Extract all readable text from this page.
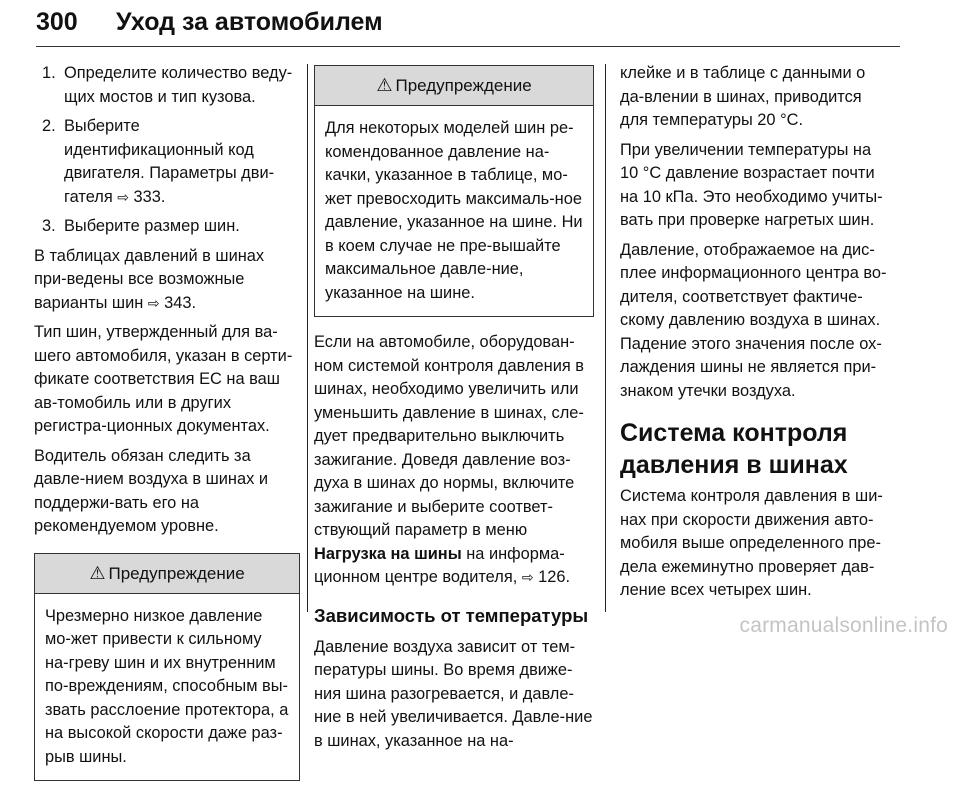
300 Уход за автомобилем
1. Определите количество веду-щих мостов и тип кузова.
2. Выберите идентификационный код двигателя. Параметры дви-гателя ⇨ 333.
3. Выберите размер шин.

В таблицах давлений в шинах при-ведены все возможные варианты шин ⇨ 343.

Тип шин, утвержденный для ва-шего автомобиля, указан в серти-фикате соответствия ЕС на ваш ав-томобиль или в других регистра-ционных документах.

Водитель обязан следить за давле-нием воздуха в шинах и поддержи-вать его на рекомендуемом уровне.

⚠ Предупреждение
Чрезмерно низкое давление мо-жет привести к сильному на-греву шин и их внутренним по-вреждениям, способным вы-звать расслоение протектора, а на высокой скорости даже раз-рыв шины.
⚠ Предупреждение
Для некоторых моделей шин ре-комендованное давление на-качки, указанное в таблице, мо-жет превосходить максималь-ное давление, указанное на шине. Ни в коем случае не пре-вышайте максимальное давле-ние, указанное на шине.

Если на автомобиле, оборудован-ном системой контроля давления в шинах, необходимо увеличить или уменьшить давление в шинах, сле-дует предварительно выключить зажигание. Доведя давление воз-духа в шинах до нормы, включите зажигание и выберите соответ-ствующий параметр в меню Нагрузка на шины на информа-ционном центре водителя, ⇨ 126.

Зависимость от температуры

Давление воздуха зависит от тем-пературы шины. Во время движе-ния шина разогревается, и давле-ние в ней увеличивается. Давле-ние в шинах, указанное на на-

клейке и в таблице с данными о да-влении в шинах, приводится для температуры 20 °C.

При увеличении температуры на 10 °C давление возрастает почти на 10 кПа. Это необходимо учиты-вать при проверке нагретых шин.

Давление, отображаемое на дис-плее информационного центра во-дителя, соответствует фактиче-скому давлению воздуха в шинах. Падение этого значения после ох-лаждения шины не является при-знаком утечки воздуха.

Система контроля давления в шинах

Система контроля давления в ши-нах при скорости движения авто-мобиля выше определенного пре-дела ежеминутно проверяет дав-ление всех четырех шин.

carmanualsonline.info
